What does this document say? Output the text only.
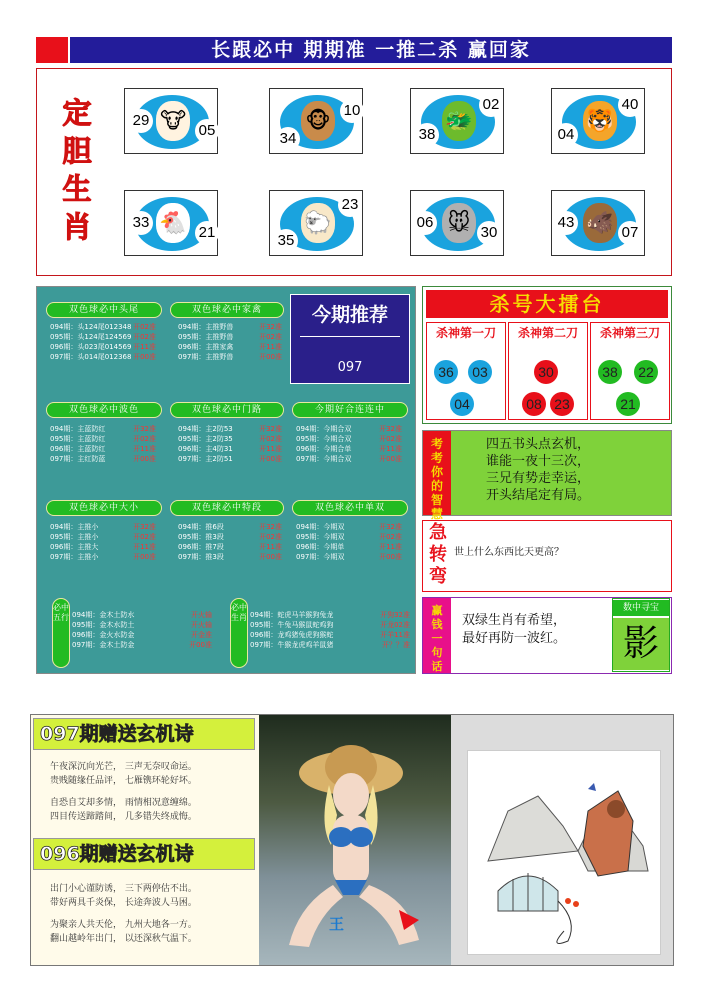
长跟必中 期期准 一推二杀 赢回家
定
胆
生
肖
🐮
29
05	🐵
34
10	🐲
38
02
🐯
04
40
🐔
33
21	🐑
35
23
🐭
06
30	🐗
43
07
双色球必中头尾
094期：头124尾012348 开02准
095期：头124尾124569 开02准
096期：头023尾014569 开11准
097期：头014尾012368 开00准
双色球必中家禽
094期：主推野兽	开32准
095期：主推野兽	开02准
096期：主推家禽	开11准
097期：主推野兽	开00准
双色球必中波色
094期：主蓝防红	开32准
095期：主蓝防红	开02准
096期：主蓝防红	开11准
097期：主红防蓝	开00准
双色球必中门路
094期：主2防53	开32准
095期：主2防35	开02准
096期：主4防31	开11准
097期：主2防51	开00准
今期好合连连中
094期：今期合双	开32准
095期：今期合双	开02准
096期：今期合单	开11准
097期：今期合双	开00准
双色球必中大小
094期：主推小	开32准
095期：主推小	开02准
096期：主推大	开11准
097期：主推小	开00准
双色球必中特段
094期：推6段	开32准
095期：推3段	开02准
096期：推7段	开11准
097期：推3段	开00准
双色球必中单双
094期：今期双	开32准
095期：今期双	开02准
096期：今期单	开11准
097期：今期双	开00准
必中五行 094期：金木土防水	开火输
095期：金木水防土	开火输
096期：金火水防金	开金准
097期：金木土防金	开00准
必中生肖 094期：蛇虎马羊猴狗兔龙	开狗32准
095期：牛兔马猴鼠蛇鸡狗	开龙02准
096期：龙鸡猪兔虎狗猴蛇	开羊11准
097期：牛猴龙虎鸡羊鼠猪	开？？准
今期推荐
097
杀号大擂台
杀神第一刀
36	03
04
杀神第二刀
30
08 23
杀神第三刀
38	22
21
考考你的智慧
四五书头点玄机，
谁能一夜十三次，
三兄有势走幸运，
开头结尾定有局。
急转弯
世上什么东西比天更高？
赢钱一句话
双绿生肖有希望，
最好再防一波红。
数中寻宝
影
097期赠送玄机诗
午夜深沉向光芒， 三声无奈叹命运。
贵贱随缘任品评， 七雁镌环轮好坏。
自恐自艾却多情， 雨情相况意缠绵。
四目传送蹄踏间， 几多错失终成悔。
096期赠送玄机诗
出门小心谨防诱， 三下两停估不出。
带好两具千炎保， 长途奔波人马困。
为聚亲人共天伦， 九州大地各一方。
翻山越岭年出门， 以还深秋气温下。
王
